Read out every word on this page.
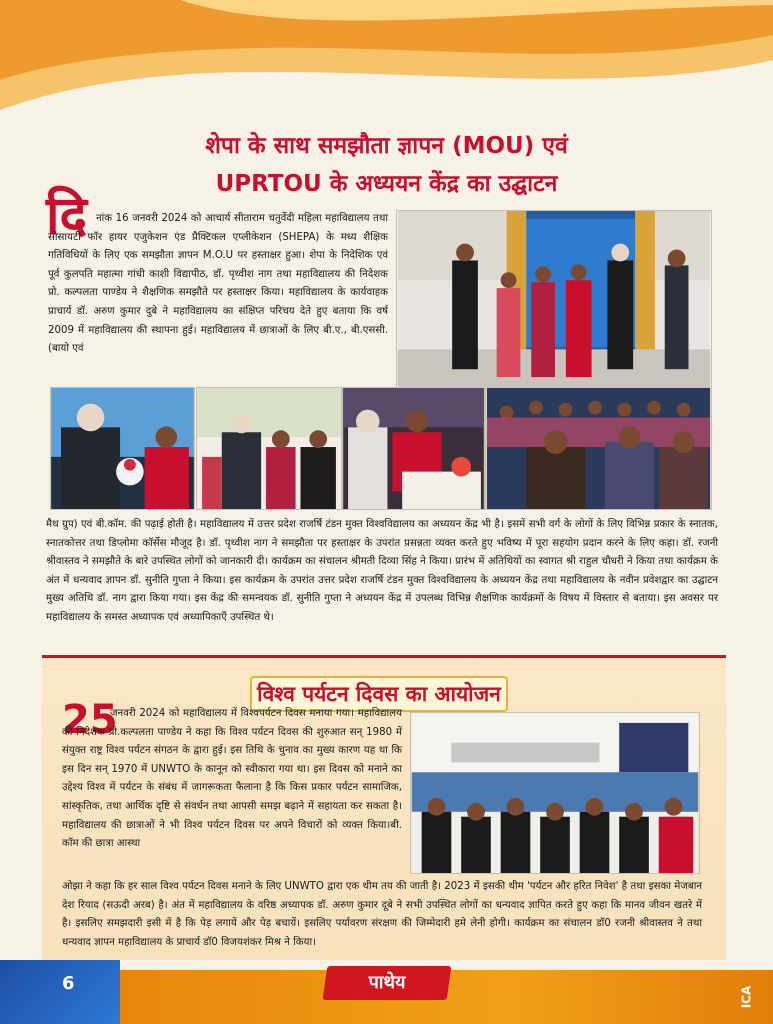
शेपा के साथ समझौता ज्ञापन (MOU) एवं
UPRTOU के अध्ययन केंद्र का उद्घाटन
दि नांक 16 जनवरी 2024 को आचार्य सीताराम चतुर्वेदी महिला महाविद्यालय तथा सोसायटी फॉर हायर एजुकेशन एंड प्रैक्टिकल एप्लीकेशन (SHEPA) के मध्य शैक्षिक गतिविधियों के लिए एक समझौता ज्ञापन M.O.U पर हस्ताक्षर हुआ। शेपा के निदेशिक एवं पूर्व कुलपति महात्मा गांधी काशी विद्यापीठ, डॉ. पृथ्वीश नाग तथा महाविद्यालय की निदेशक प्रो. कल्पलता पाण्डेय ने शैक्षणिक समझौते पर हस्ताक्षर किया। महाविद्यालय के कार्यवाहक प्राचार्य डॉ. अरुण कुमार दुबे ने महाविद्यालय का संक्षिप्त परिचय देते हुए बताया कि वर्ष 2009 में महाविद्यालय की स्थापना हुई। महाविद्यालय में छात्राओं के लिए बी.ए., बी.एससी. (बायो एवं

मैथ ग्रुप) एवं बी.कॉम. की पढ़ाई होती है। महाविद्यालय में उत्तर प्रदेश राजर्षि टंडन मुक्त विश्वविद्यालय का अध्ययन केंद्र भी है। इसमें सभी वर्ग के लोगों के लिए विभिन्न प्रकार के स्नातक, स्नातकोत्तर तथा डिप्लोमा कॉर्सेस मौजूद है। डॉ. पृथ्वीश नाग ने समझौता पर हस्ताक्षर के उपरांत प्रसन्नता व्यक्त करते हुए भविष्य में पूरा सहयोग प्रदान करने के लिए कहा। डॉ. रजनी श्रीवास्तव ने समझौते के बारे उपस्थित लोगों को जानकारी दी। कार्यक्रम का संचालन श्रीमती दिव्या सिंह ने किया। प्रारंभ में अतिथियों का स्वागत श्री राहुल चौधरी ने किया तथा कार्यक्रम के अंत में धन्यवाद ज्ञापन डॉ. सुनीति गुप्ता ने किया। इस कार्यक्रम के उपरांत उत्तर प्रदेश राजर्षि टंडन मुक्त विश्वविद्यालय के अध्ययन केंद्र तथा महाविद्यालय के नवीन प्रवेशद्वार का उद्घाटन मुख्य अतिथि डॉ. नाग द्वारा किया गया। इस केंद्र की समन्वयक डॉ. सुनीति गुप्ता ने अध्ययन केंद्र में उपलब्ध विभिन्न शैक्षणिक कार्यक्रमों के विषय में विस्तार से बताया। इस अवसर पर महाविद्यालय के समस्त अध्यापक एवं अध्यापिकाएँ उपस्थित थे।

विश्व पर्यटन दिवस का आयोजन
25

जनवरी 2024 को महाविद्यालय में विश्वपर्यटन दिवस मनाया गया। महाविद्यालय की निदेशक प्रो.कल्पलता पाण्डेय ने कहा कि विश्व पर्यटन दिवस की शुरुआत सन् 1980 में संयुक्त राष्ट्र विश्व पर्यटन संगठन के द्वारा हुई। इस तिथि के चुनाव का मुख्य कारण यह था कि इस दिन सन् 1970 में UNWTO के कानून को स्वीकारा गया था। इस दिवस को मनाने का उद्देश्य विश्व में पर्यटन के संबंध में जागरूकता फैलाना है कि किस प्रकार पर्यटन सामाजिक, सांस्कृतिक, तथा आर्थिक दृष्टि से संवर्धन तथा आपसी समझ बढ़ाने में सहायता कर सकता है। महाविद्यालय की छात्राओं ने भी विश्व पर्यटन दिवस पर अपने विचारों को व्यक्त किया।बी. कॉम की छात्रा आस्था

ओझा ने कहा कि हर साल विश्व पर्यटन दिवस मनाने के लिए UNWTO द्वारा एक थीम तय की जाती है। 2023 में इसकी थीम 'पर्यटन और हरित निवेश' है तथा इसका मेजबान देश रियाद (सऊदी अरब) है। अंत में महाविद्यालय के वरिष्ठ अध्यापक डॉ. अरुण कुमार दूबे ने सभी उपस्थित लोगों का धन्यवाद ज्ञापित करते हुए कहा कि मानव जीवन खतरे में है। इसलिए समझदारी इसी में है कि पेड़ लगायें और पेड़ बचायें। इसलिए पर्यावरण संरक्षण की जिम्मेदारी हमे लेनी होगी। कार्यक्रम का संचालन डॉ0 रजनी श्रीवास्तव ने तथा धन्यवाद ज्ञापन महाविद्यालय के प्राचार्य डॉ0 विजयशंकर मिश्र ने किया।

6	पाथेय
ICA
